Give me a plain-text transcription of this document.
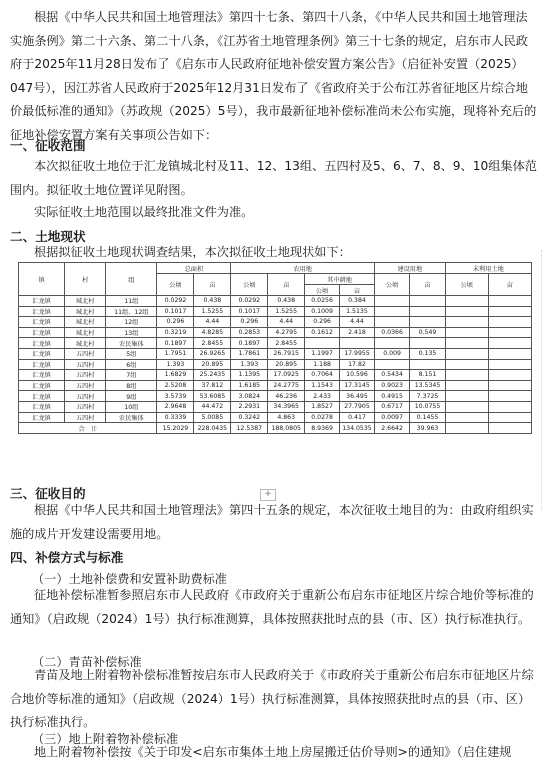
根据《中华人民共和国土地管理法》第四十七条、第四十八条，《中华人民共和国土地管理法实施条例》第二十六条、第二十八条，《江苏省土地管理条例》第三十七条的规定，启东市人民政府于2025年11月28日发布了《启东市人民政府征地补偿安置方案公告》（启征补安置（2025）047号），因江苏省人民政府于2025年12月31日发布了《省政府关于公布江苏省征地区片综合地价最低标准的通知》（苏政规（2025）5号），我市最新征地补偿标准尚未公布实施，现将补充后的征地补偿安置方案有关事项公告如下：

一、征收范围

本次拟征收土地位于汇龙镇城北村及11、12、13组、五四村及5、6、7、8、9、10组集体范围内。拟征收土地位置详见附图。

实际征收土地范围以最终批准文件为准。

二、土地现状

根据拟征收土地现状调查结果，本次拟征收土地现状如下：

镇	村	组	总面积		农用地				建设用地		未利用土地	
			公顷	亩	公顷	亩	其中耕地		公顷	亩	公顷	亩
							公顷	亩				
汇龙镇	城北村	11组	0.0292	0.438	0.0292	0.438	0.0256	0.384				
汇龙镇	城北村	11组、12组	0.1017	1.5255	0.1017	1.5255	0.1009	1.5135				
汇龙镇	城北村	12组	0.296	4.44	0.296	4.44	0.296	4.44				
汇龙镇	城北村	13组	0.3219	4.8285	0.2853	4.2795	0.1612	2.418	0.0366	0.549		
汇龙镇	城北村	农民集体	0.1897	2.8455	0.1897	2.8455						
汇龙镇	五四村	5组	1.7951	26.9265	1.7861	26.7915	1.1997	17.9955	0.009	0.135		
汇龙镇	五四村	6组	1.393	20.895	1.393	20.895	1.188	17.82				
汇龙镇	五四村	7组	1.6829	25.2435	1.1395	17.0925	0.7064	10.596	0.5434	8.151		
汇龙镇	五四村	8组	2.5208	37.812	1.6185	24.2775	1.1543	17.3145	0.9023	13.5345		
汇龙镇	五四村	9组	3.5739	53.6085	3.0824	46.236	2.433	36.495	0.4915	7.3725		
汇龙镇	五四村	10组	2.9648	44.472	2.2931	34.3965	1.8527	27.7905	0.6717	10.0755		
汇龙镇	五四村	农民集体	0.3339	5.0085	0.3242	4.863	0.0278	0.417	0.0097	0.1455		
合　计			15.2029	228.0435	12.5387	188.0805	8.9369	134.0535	2.6642	39.963		
+
三、征收目的

根据《中华人民共和国土地管理法》第四十五条的规定，本次征收土地目的为：由政府组织实施的成片开发建设需要用地。

四、补偿方式与标准
（一）土地补偿费和安置补助费标准

征地补偿标准暂参照启东市人民政府《市政府关于重新公布启东市征地区片综合地价等标准的通知》（启政规（2024）1号）执行标准测算，具体按照获批时点的县（市、区）执行标准执行。

（二）青苗补偿标准

青苗及地上附着物补偿标准暂按启东市人民政府关于《市政府关于重新公布启东市征地区片综合地价等标准的通知》（启政规（2024）1号）执行标准测算，具体按照获批时点的县（市、区）执行标准执行。

（三）地上附着物补偿标准

地上附着物补偿按《关于印发<启东市集体土地上房屋搬迁估价导则>的通知》（启住建规
